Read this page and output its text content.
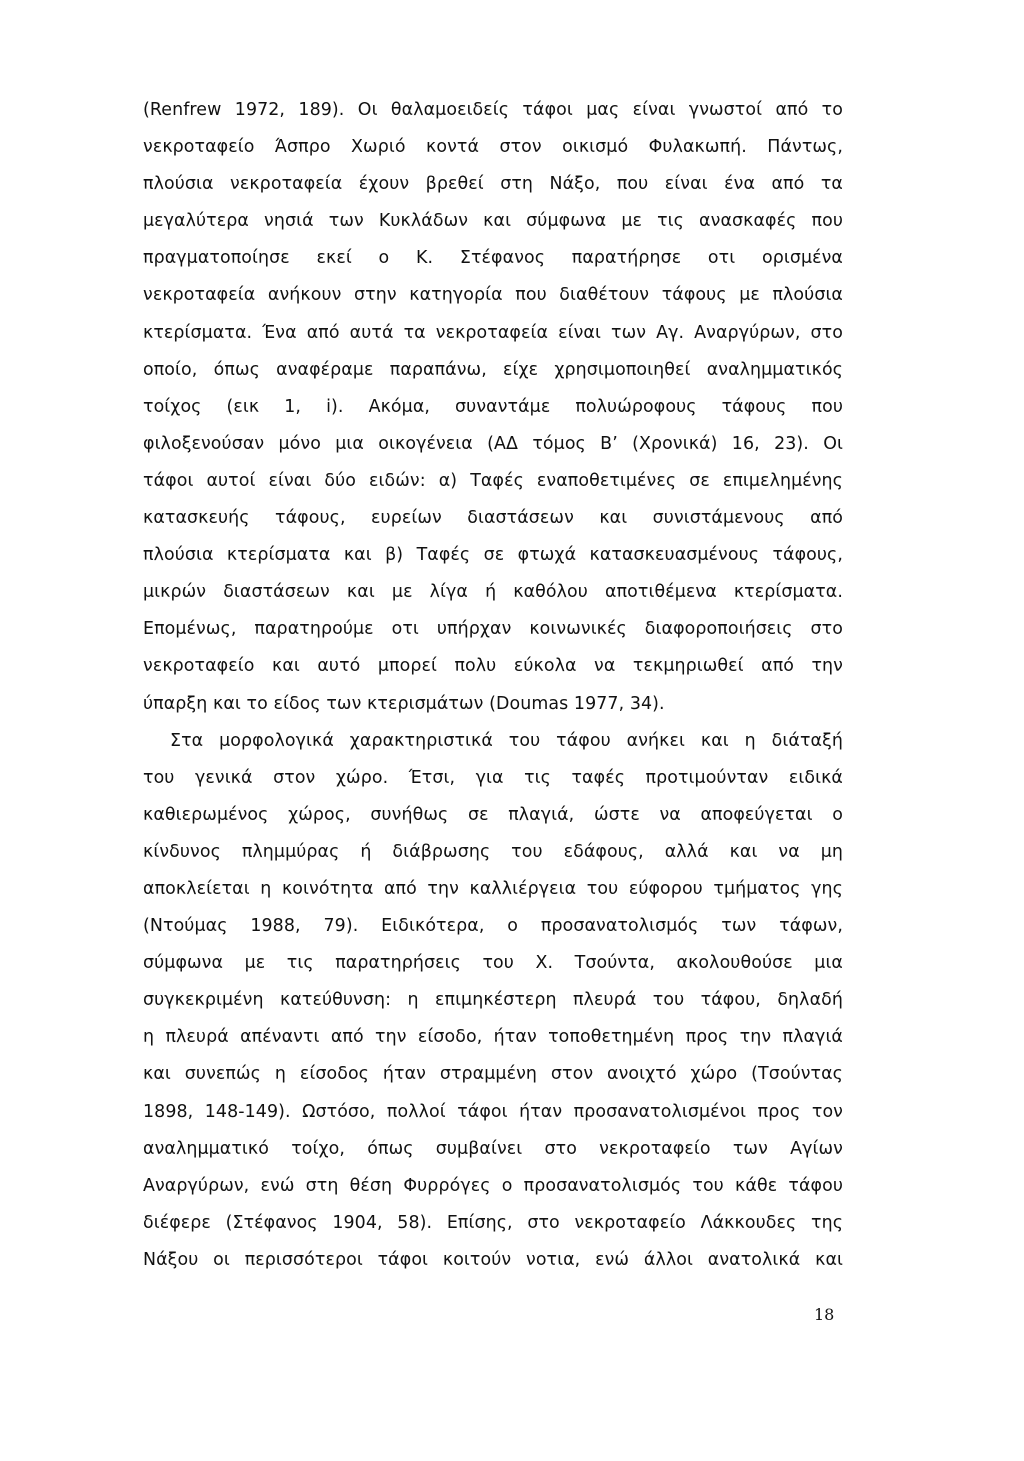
(Renfrew 1972, 189). Οι θαλαμοειδείς τάφοι μας είναι γνωστοί από το
νεκροταφείο Άσπρο Χωριό κοντά στον οικισμό Φυλακωπή. Πάντως,
πλούσια νεκροταφεία έχουν βρεθεί στη Νάξο, που είναι ένα από τα
μεγαλύτερα νησιά των Κυκλάδων και σύμφωνα με τις ανασκαφές που
πραγματοποίησε εκεί ο Κ. Στέφανος παρατήρησε οτι ορισμένα
νεκροταφεία ανήκουν στην κατηγορία που διαθέτουν τάφους με πλούσια
κτερίσματα. Ένα από αυτά τα νεκροταφεία είναι των Αγ. Αναργύρων, στο
οποίο, όπως αναφέραμε παραπάνω, είχε χρησιμοποιηθεί αναλημματικός
τοίχος (εικ 1, i). Ακόμα, συναντάμε πολυώροφους τάφους που
φιλοξενούσαν μόνο μια οικογένεια (ΑΔ τόμος Β’ (Χρονικά) 16, 23). Οι
τάφοι αυτοί είναι δύο ειδών: α) Ταφές εναποθετιμένες σε επιμελημένης
κατασκευής τάφους, ευρείων διαστάσεων και συνιστάμενους από
πλούσια κτερίσματα και β) Ταφές σε φτωχά κατασκευασμένους τάφους,
μικρών διαστάσεων και με λίγα ή καθόλου αποτιθέμενα κτερίσματα.
Επομένως, παρατηρούμε οτι υπήρχαν κοινωνικές διαφοροποιήσεις στο
νεκροταφείο και αυτό μπορεί πολυ εύκολα να τεκμηριωθεί από την
ύπαρξη και το είδος των κτερισμάτων (Doumas 1977, 34).
Στα μορφολογικά χαρακτηριστικά του τάφου ανήκει και η διάταξή
του γενικά στον χώρο. Έτσι, για τις ταφές προτιμούνταν ειδικά
καθιερωμένος χώρος, συνήθως σε πλαγιά, ώστε να αποφεύγεται ο
κίνδυνος πλημμύρας ή διάβρωσης του εδάφους, αλλά και να μη
αποκλείεται η κοινότητα από την καλλιέργεια του εύφορου τμήματος γης
(Ντούμας 1988, 79). Ειδικότερα, ο προσανατολισμός των τάφων,
σύμφωνα με τις παρατηρήσεις του Χ. Τσούντα, ακολουθούσε μια
συγκεκριμένη κατεύθυνση: η επιμηκέστερη πλευρά του τάφου, δηλαδή
η πλευρά απέναντι από την είσοδο, ήταν τοποθετημένη προς την πλαγιά
και συνεπώς η είσοδος ήταν στραμμένη στον ανοιχτό χώρο (Τσούντας
1898, 148-149). Ωστόσο, πολλοί τάφοι ήταν προσανατολισμένοι προς τον
αναλημματικό τοίχο, όπως συμβαίνει στο νεκροταφείο των Αγίων
Αναργύρων, ενώ στη θέση Φυρρόγες ο προσανατολισμός του κάθε τάφου
διέφερε (Στέφανος 1904, 58). Επίσης, στο νεκροταφείο Λάκκουδες της
Νάξου οι περισσότεροι τάφοι κοιτούν νοτια, ενώ άλλοι ανατολικά και
18
